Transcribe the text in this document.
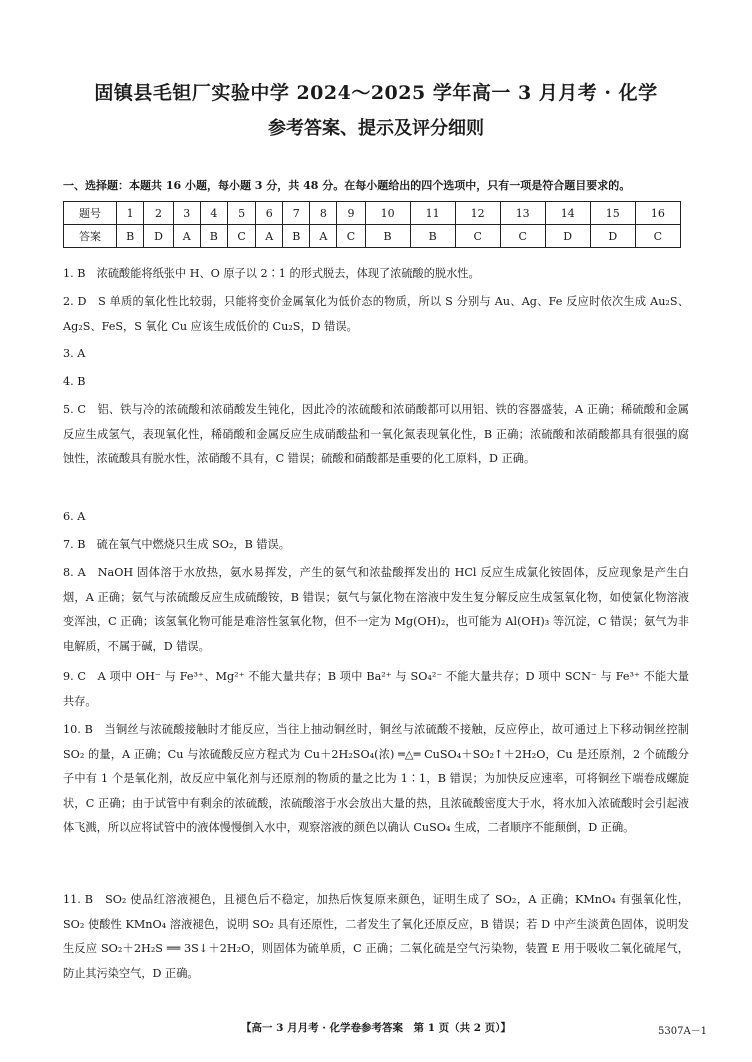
固镇县毛钽厂实验中学 2024～2025 学年高一 3 月月考 · 化学
参考答案、提示及评分细则
一、选择题：本题共 16 小题，每小题 3 分，共 48 分。在每小题给出的四个选项中，只有一项是符合题目要求的。
题号	1	2	3	4	5	6	7	8	9	10	11	12	13	14	15	16
答案	B	D	A	B	C	A	B	A	C	B	B	C	C	D	D	C
1. B　浓硫酸能将纸张中 H、O 原子以 2∶1 的形式脱去，体现了浓硫酸的脱水性。
2. D　S 单质的氧化性比较弱，只能将变价金属氧化为低价态的物质，所以 S 分别与 Au、Ag、Fe 反应时依次生成 Au₂S、Ag₂S、FeS，S 氧化 Cu 应该生成低价的 Cu₂S，D 错误。
3. A
4. B
5. C　铝、铁与冷的浓硫酸和浓硝酸发生钝化，因此冷的浓硫酸和浓硝酸都可以用铝、铁的容器盛装，A 正确；稀硫酸和金属反应生成氢气，表现氧化性，稀硝酸和金属反应生成硝酸盐和一氧化氮表现氧化性，B 正确；浓硫酸和浓硝酸都具有很强的腐蚀性，浓硫酸具有脱水性，浓硝酸不具有，C 错误；硫酸和硝酸都是重要的化工原料，D 正确。
6. A
7. B　硫在氧气中燃烧只生成 SO₂，B 错误。
8. A　NaOH 固体溶于水放热，氨水易挥发，产生的氨气和浓盐酸挥发出的 HCl 反应生成氯化铵固体，反应现象是产生白烟，A 正确；氨气与浓硫酸反应生成硫酸铵，B 错误；氨气与氯化物在溶液中发生复分解反应生成氢氧化物，如使氯化物溶液变浑浊，C 正确；该氢氧化物可能是难溶性氢氧化物，但不一定为 Mg(OH)₂，也可能为 Al(OH)₃ 等沉淀，C 错误；氨气为非电解质，不属于碱，D 错误。
9. C　A 项中 OH⁻ 与 Fe³⁺、Mg²⁺ 不能大量共存；B 项中 Ba²⁺ 与 SO₄²⁻ 不能大量共存；D 项中 SCN⁻ 与 Fe³⁺ 不能大量共存。
10. B　当铜丝与浓硫酸接触时才能反应，当往上抽动铜丝时，铜丝与浓硫酸不接触，反应停止，故可通过上下移动铜丝控制 SO₂ 的量，A 正确；Cu 与浓硫酸反应方程式为 Cu＋2H₂SO₄(浓) ═△═ CuSO₄＋SO₂↑＋2H₂O，Cu 是还原剂，2 个硫酸分子中有 1 个是氧化剂，故反应中氧化剂与还原剂的物质的量之比为 1∶1，B 错误；为加快反应速率，可将铜丝下端卷成螺旋状，C 正确；由于试管中有剩余的浓硫酸，浓硫酸溶于水会放出大量的热，且浓硫酸密度大于水，将水加入浓硫酸时会引起液体飞溅，所以应将试管中的液体慢慢倒入水中，观察溶液的颜色以确认 CuSO₄ 生成，二者顺序不能颠倒，D 正确。
11. B　SO₂ 使品红溶液褪色，且褪色后不稳定，加热后恢复原来颜色，证明生成了 SO₂，A 正确；KMnO₄ 有强氧化性，SO₂ 使酸性 KMnO₄ 溶液褪色，说明 SO₂ 具有还原性，二者发生了氧化还原反应，B 错误；若 D 中产生淡黄色固体，说明发生反应 SO₂＋2H₂S ══ 3S↓＋2H₂O，则固体为硫单质，C 正确；二氧化硫是空气污染物，装置 E 用于吸收二氧化硫尾气，防止其污染空气，D 正确。
【高一 3 月月考 · 化学卷参考答案　第 1 页（共 2 页）】	5307A－1
